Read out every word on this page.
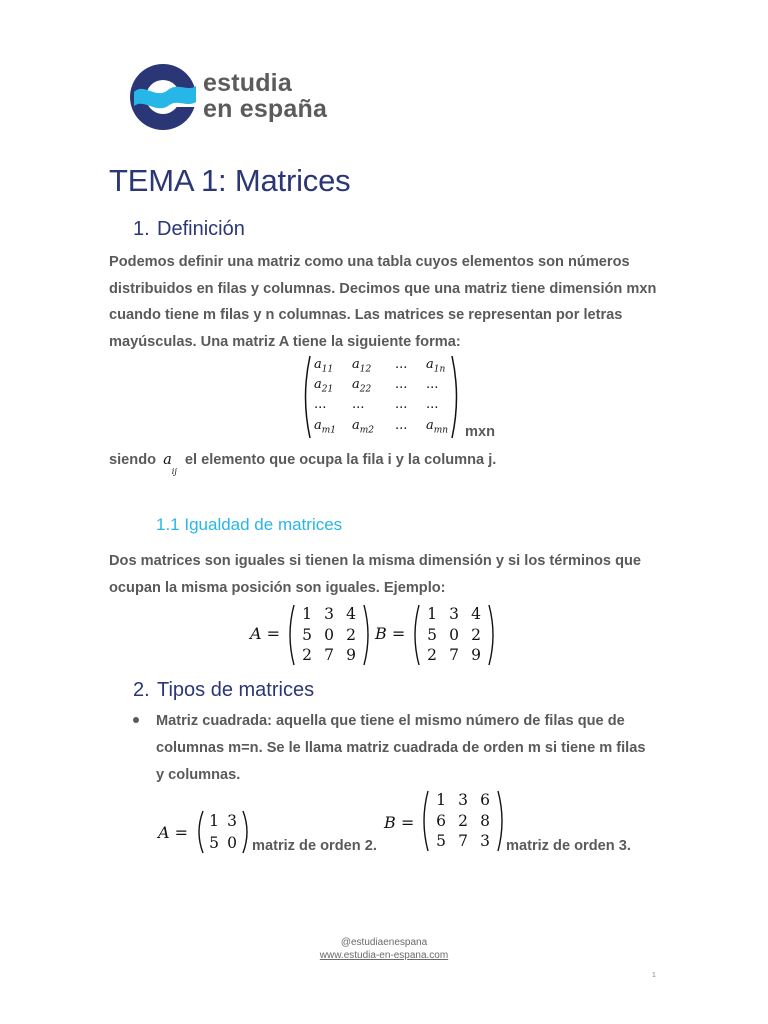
estudia
en españa
TEMA 1: Matrices
1. Definición

Podemos definir una matriz como una tabla cuyos elementos son números distribuidos en filas y columnas. Decimos que una matriz tiene dimensión mxn cuando tiene m filas y n columnas. Las matrices se representan por letras mayúsculas. Una matriz A tiene la siguiente forma:

$a_{11}$ $a_{12}$ ... $a_{1n}$
$a_{21}$ $a_{22}$ ... ...
... ... ... ...
$a_{m1}$ $a_{m2}$ ... $a_{mn}$ mxn
siendo $a_{ij}$ el elemento que ocupa la fila i y la columna j.
1.1 Igualdad de matrices

Dos matrices son iguales si tienen la misma dimensión y si los términos que ocupan la misma posición son iguales. Ejemplo:

A =
1 3 4
5 0 2
2 7 9
B =
1 3 4
5 0 2
2 7 9
2. Tipos de matrices

Matriz cuadrada: aquella que tiene el mismo número de filas que de columnas m=n. Se le llama matriz cuadrada de orden m si tiene m filas y columnas.

A =
1 3
5 0	matriz de orden 2.
B =
1 3 6
6 2 8
5 7 3	matriz de orden 3.
@estudiaenespana
www.estudia-en-espana.com
1
